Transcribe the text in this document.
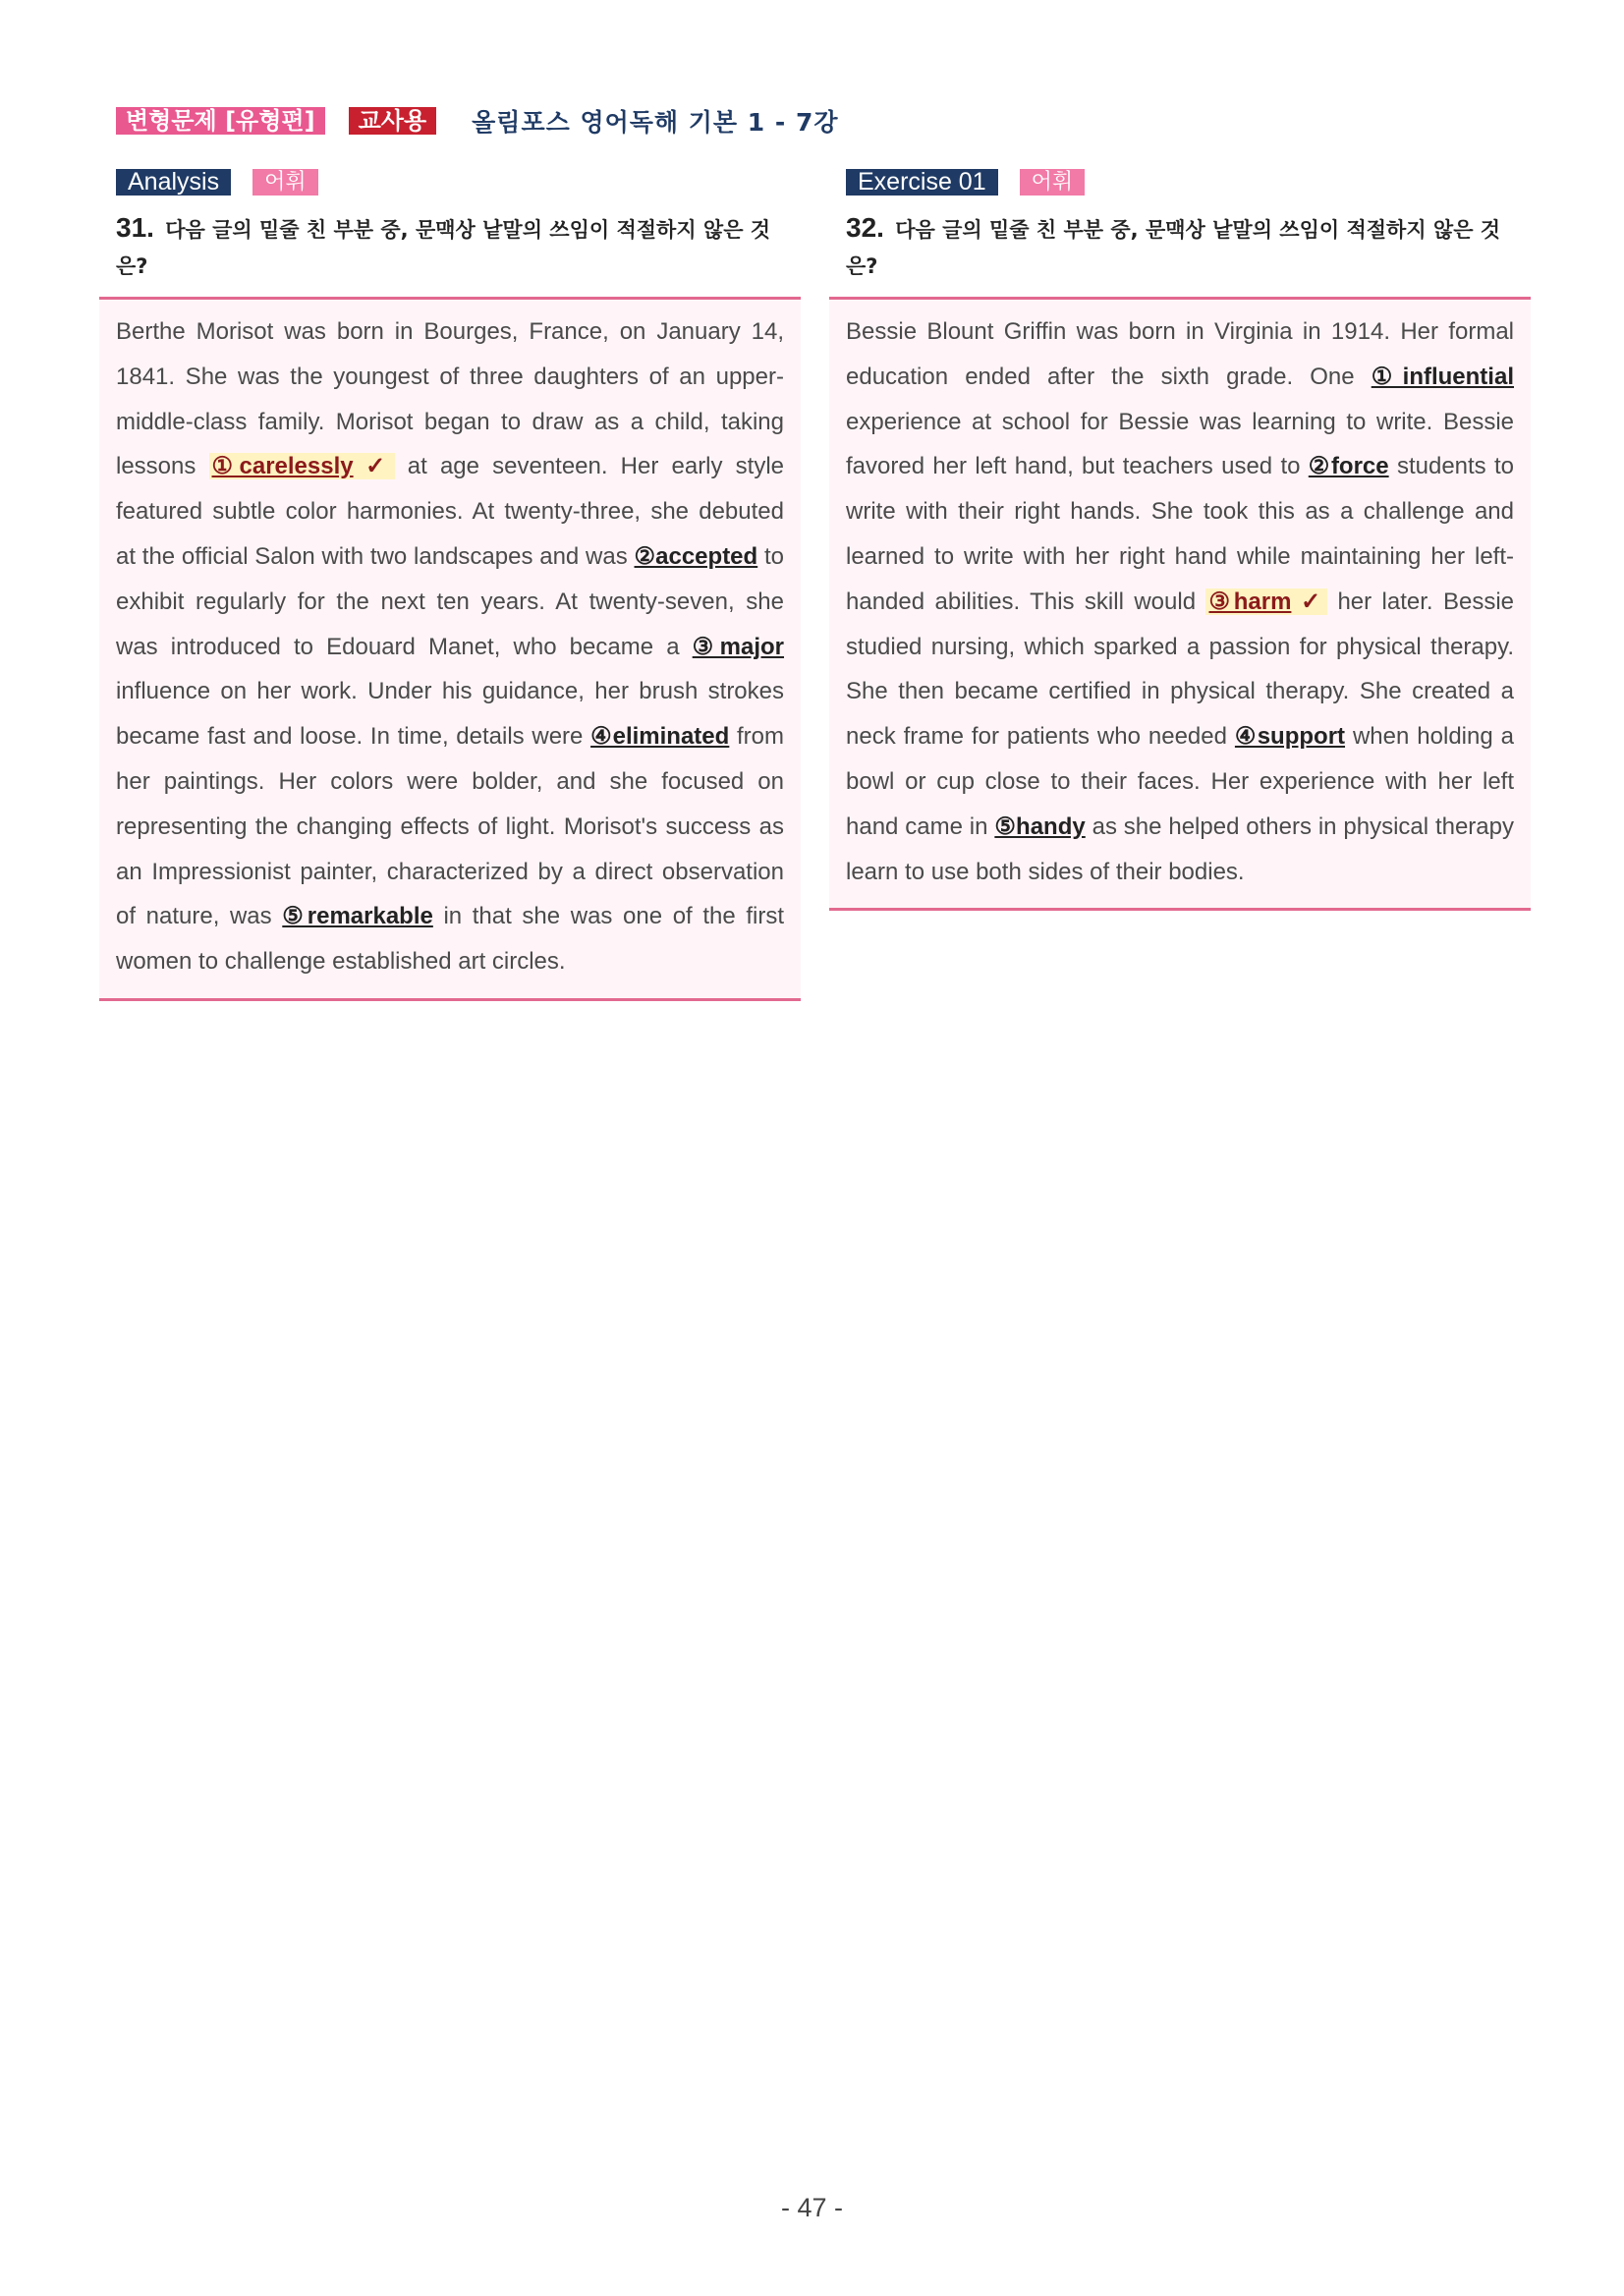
변형문제 [유형편]	교사용	올림포스 영어독해 기본 1 - 7강
Analysis	어휘
31. 다음 글의 밑줄 친 부분 중, 문맥상 낱말의 쓰임이 적절하지 않은 것은?

Berthe Morisot was born in Bourges, France, on January 14, 1841. She was the youngest of three daughters of an upper-middle-class family. Morisot began to draw as a child, taking lessons ①carelessly ✓ at age seventeen. Her early style featured subtle color harmonies. At twenty-three, she debuted at the official Salon with two landscapes and was ②accepted to exhibit regularly for the next ten years. At twenty-seven, she was introduced to Edouard Manet, who became a ③major influence on her work. Under his guidance, her brush strokes became fast and loose. In time, details were ④eliminated from her paintings. Her colors were bolder, and she focused on representing the changing effects of light. Morisot's success as an Impressionist painter, characterized by a direct observation of nature, was ⑤remarkable in that she was one of the first women to challenge established art circles.

Exercise 01	어휘
32. 다음 글의 밑줄 친 부분 중, 문맥상 낱말의 쓰임이 적절하지 않은 것은?

Bessie Blount Griffin was born in Virginia in 1914. Her formal education ended after the sixth grade. One ①influential experience at school for Bessie was learning to write. Bessie favored her left hand, but teachers used to ②force students to write with their right hands. She took this as a challenge and learned to write with her right hand while maintaining her left-handed abilities. This skill would ③harm ✓ her later. Bessie studied nursing, which sparked a passion for physical therapy. She then became certified in physical therapy. She created a neck frame for patients who needed ④support when holding a bowl or cup close to their faces. Her experience with her left hand came in ⑤handy as she helped others in physical therapy learn to use both sides of their bodies.

- 47 -
